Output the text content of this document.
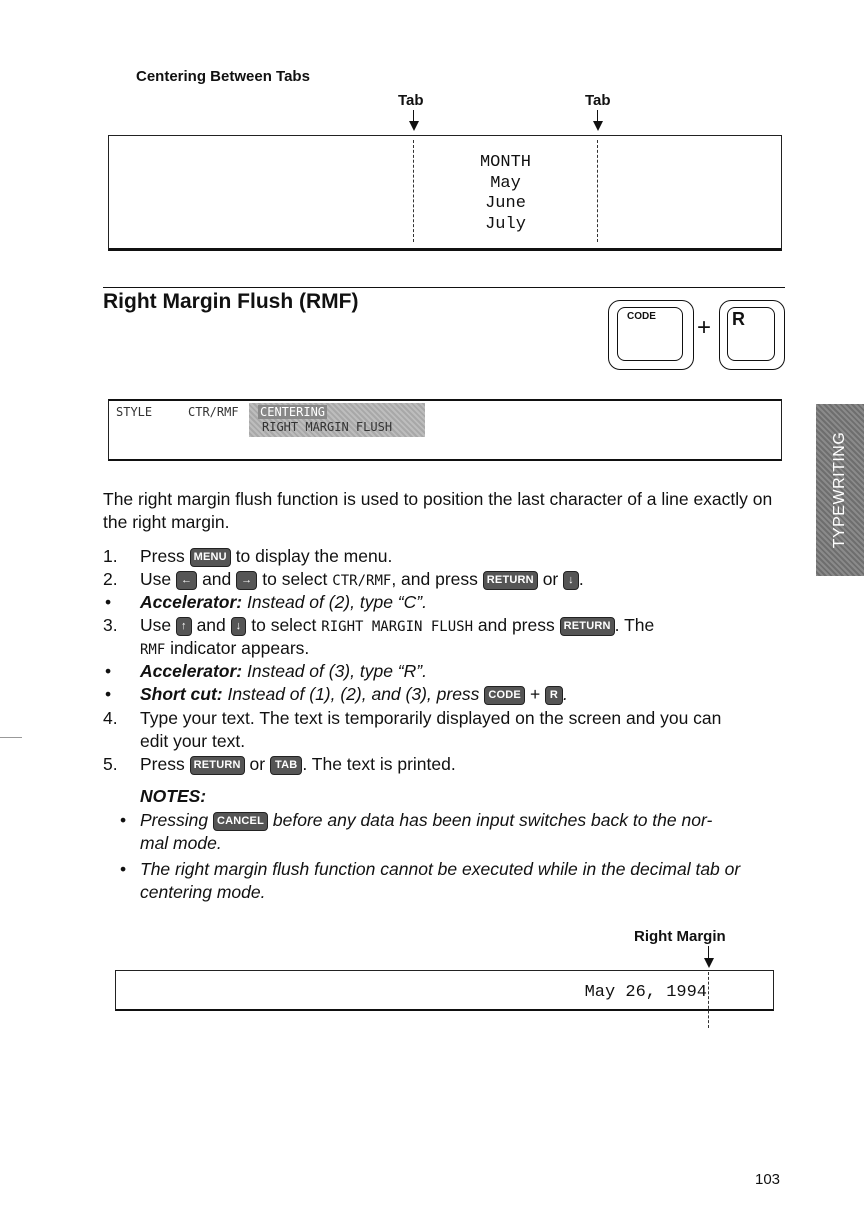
Centering Between Tabs
Tab	Tab
MONTH
May
June
July
Right Margin Flush (RMF)
CODE + R
STYLE	CTR/RMF CENTERING
RIGHT MARGIN FLUSH
The right margin flush function is used to position the last character of a line exactly on the right margin.
1. Press MENU to display the menu.
2. Use ← and → to select CTR/RMF, and press RETURN or ↓ .
• Accelerator: Instead of (2), type “C”.
3. Use ↑ and ↓ to select RIGHT MARGIN FLUSH and press RETURN . The
RMF indicator appears.
• Accelerator: Instead of (3), type “R”.
• Short cut: Instead of (1), (2), and (3), press CODE + R .
4. Type your text. The text is temporarily displayed on the screen and you can
edit your text.
5. Press RETURN or TAB . The text is printed.
NOTES:
• Pressing CANCEL before any data has been input switches back to the nor-
mal mode.
• The right margin flush function cannot be executed while in the decimal tab or
centering mode.
Right Margin
May 26, 1994
TYPEWRITING
103
